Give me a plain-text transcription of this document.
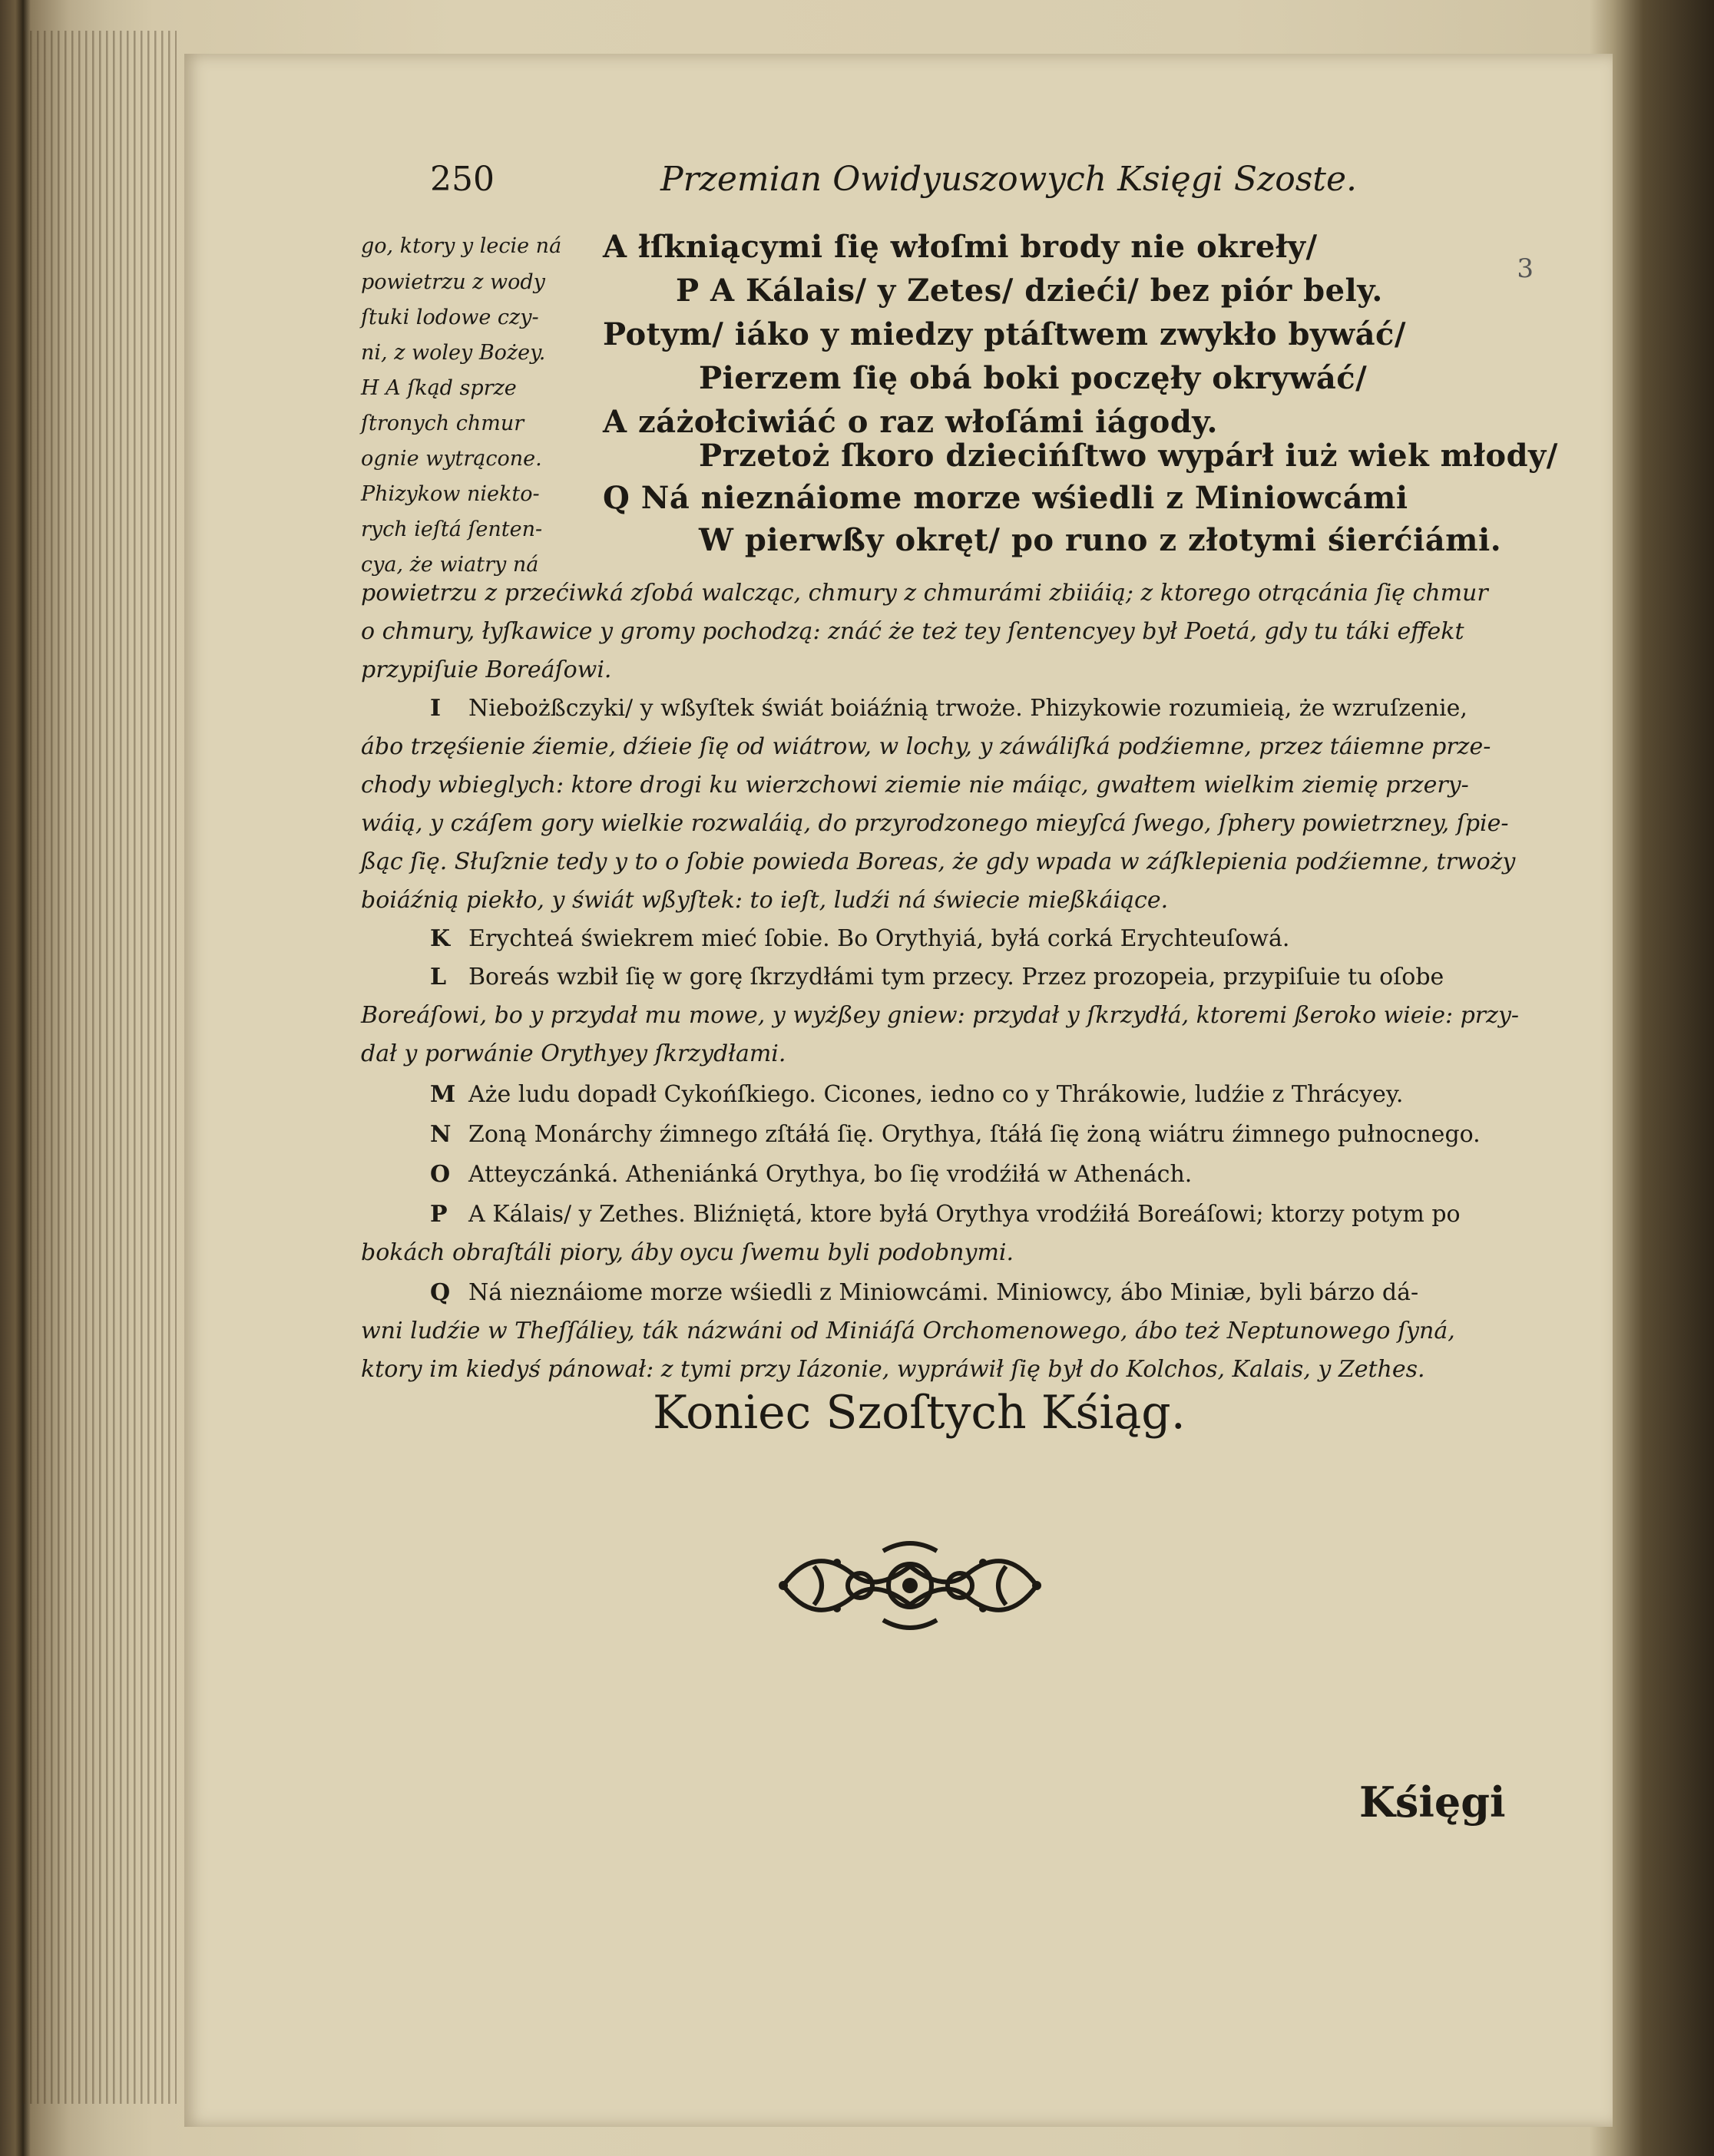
3
250	Przemian Owidyuszowych Księgi Szoste.
go, ktory y lecie ná
powietrzu z wody
ſtuki lodowe czy-
ni, z woley Bożey.
H A ſkąd sprze
ſtronych chmur
ognie wytrącone.
Phizykow niekto-
rych ieſtá ſenten-
cya, że wiatry ná
A łſkniącymi ſię włoſmi brody nie okreły/
P A Kálais/ y Zetes/ dzieći/ bez piór bely.
Potym/ iáko y miedzy ptáſtwem zwykło bywáć/
Pierzem ſię obá boki poczęły okrywáć/
A záżołciwiáć o raz włoſámi iágody.
Przetoż ſkoro dziecińſtwo wypárł iuż wiek młody/
Q Ná nieznáiome morze wśiedli z Miniowcámi
W pierwßy okręt/ po runo z złotymi śierćiámi.
powietrzu z przećiwká zſobá walcząc, chmury z chmurámi zbiiáią; z ktorego otrącánia ſię chmur
o chmury, łyſkawice y gromy pochodzą: znáć że też tey ſentencyey był Poetá, gdy tu táki effekt
przypiſuie Boreáſowi.
I Niebożßczyki/ y wßyſtek świát boiáźnią trwoże. Phizykowie rozumieią, że wzruſzenie,
ábo trzęśienie źiemie, dźieie ſię od wiátrow, w lochy, y záwáliſká podźiemne, przez táiemne prze-
chody wbieglych: ktore drogi ku wierzchowi ziemie nie máiąc, gwałtem wielkim ziemię przery-
wáią, y czáſem gory wielkie rozwaláią, do przyrodzonego mieyſcá ſwego, ſphery powietrzney, ſpie-
ßąc ſię. Słuſznie tedy y to o ſobie powieda Boreas, że gdy wpada w záſklepienia podźiemne, trwoży
boiáźnią piekło, y świát wßyſtek: to ieſt, ludźi ná świecie mießkáiące.
K Erychteá świekrem mieć ſobie. Bo Orythyiá, byłá corká Erychteuſowá.
L Boreás wzbił ſię w gorę ſkrzydłámi tym przecy. Przez prozopeia, przypiſuie tu oſobe
Boreáſowi, bo y przydał mu mowe, y wyżßey gniew: przydał y ſkrzydłá, ktoremi ßeroko wieie: przy-
dał y porwánie Orythyey ſkrzydłami.
M Aże ludu dopadł Cykońſkiego. Cicones, iedno co y Thrákowie, ludźie z Thrácyey.
N Zoną Monárchy źimnego zſtáłá ſię. Orythya, ſtáłá ſię żoną wiátru źimnego pułnocnego.
O Atteyczánká. Atheniánká Orythya, bo ſię vrodźiłá w Athenách.
P A Kálais/ y Zethes. Bliźniętá, ktore byłá Orythya vrodźiłá Boreáſowi; ktorzy potym po
bokách obraſtáli piory, áby oycu ſwemu byli podobnymi.
Q Ná nieznáiome morze wśiedli z Miniowcámi. Miniowcy, ábo Miniæ, byli bárzo dá-
wni ludźie w Theſſáliey, ták názwáni od Miniáſá Orchomenowego, ábo też Neptunowego ſyná,
ktory im kiedyś pánował: z tymi przy Iázonie, wypráwił ſię był do Kolchos, Kalais, y Zethes.
Koniec Szoſtych Kśiąg.
Kśięgi
